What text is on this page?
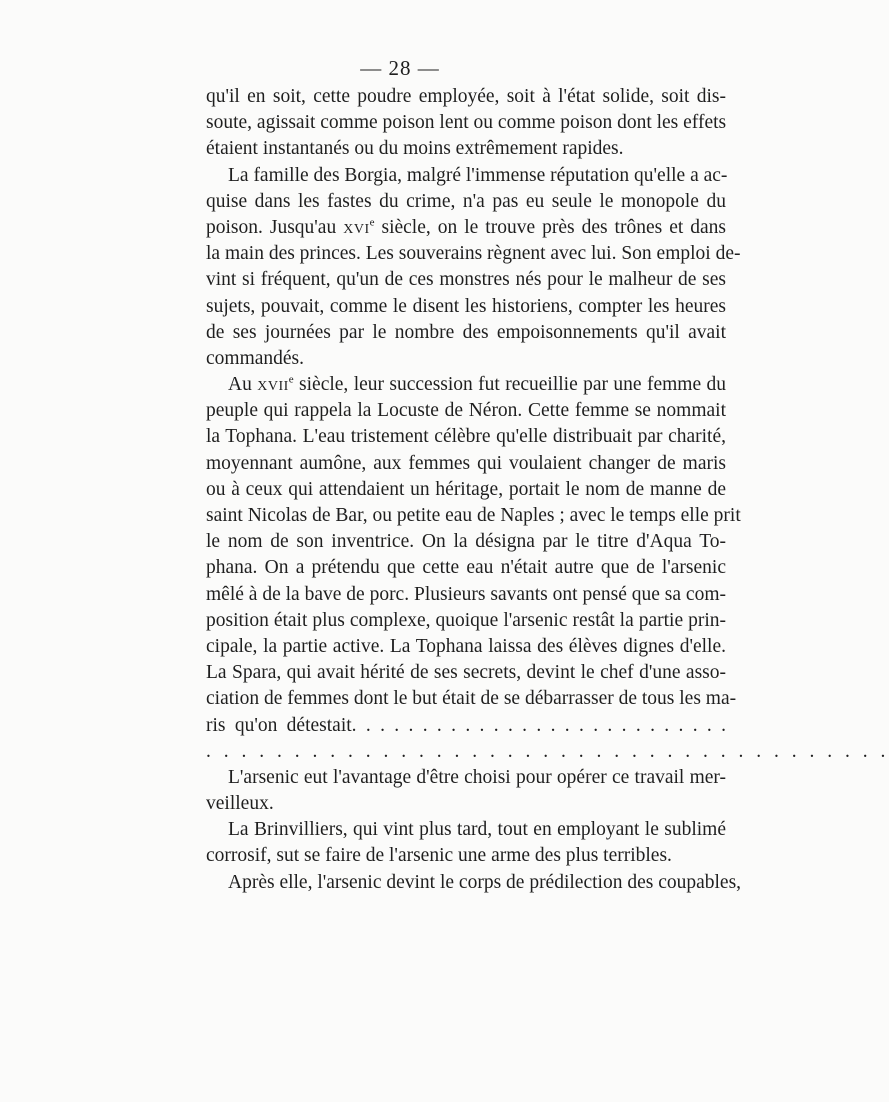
— 28 —
qu'il en soit, cette poudre employée, soit à l'état solide, soit dis-
soute, agissait comme poison lent ou comme poison dont les effets
étaient instantanés ou du moins extrêmement rapides.
La famille des Borgia, malgré l'immense réputation qu'elle a ac-
quise dans les fastes du crime, n'a pas eu seule le monopole du
poison. Jusqu'au XVIe siècle, on le trouve près des trônes et dans
la main des princes. Les souverains règnent avec lui. Son emploi de-
vint si fréquent, qu'un de ces monstres nés pour le malheur de ses
sujets, pouvait, comme le disent les historiens, compter les heures
de ses journées par le nombre des empoisonnements qu'il avait
commandés.
Au XVIIe siècle, leur succession fut recueillie par une femme du
peuple qui rappela la Locuste de Néron. Cette femme se nommait
la Tophana. L'eau tristement célèbre qu'elle distribuait par charité,
moyennant aumône, aux femmes qui voulaient changer de maris
ou à ceux qui attendaient un héritage, portait le nom de manne de
saint Nicolas de Bar, ou petite eau de Naples ; avec le temps elle prit
le nom de son inventrice. On la désigna par le titre d'Aqua To-
phana. On a prétendu que cette eau n'était autre que de l'arsenic
mêlé à de la bave de porc. Plusieurs savants ont pensé que sa com-
position était plus complexe, quoique l'arsenic restât la partie prin-
cipale, la partie active. La Tophana laissa des élèves dignes d'elle.
La Spara, qui avait hérité de ses secrets, devint le chef d'une asso-
ciation de femmes dont le but était de se débarrasser de tous les ma-
ris qu'on détestait. . . . . . . . . . . . . . . . . . . . . . . . . . .
. . . . . . . . . . . . . . . . . . . . . . . . . . . . . . . . . . . . . . .
L'arsenic eut l'avantage d'être choisi pour opérer ce travail mer-
veilleux.
La Brinvilliers, qui vint plus tard, tout en employant le sublimé
corrosif, sut se faire de l'arsenic une arme des plus terribles.
Après elle, l'arsenic devint le corps de prédilection des coupables,
